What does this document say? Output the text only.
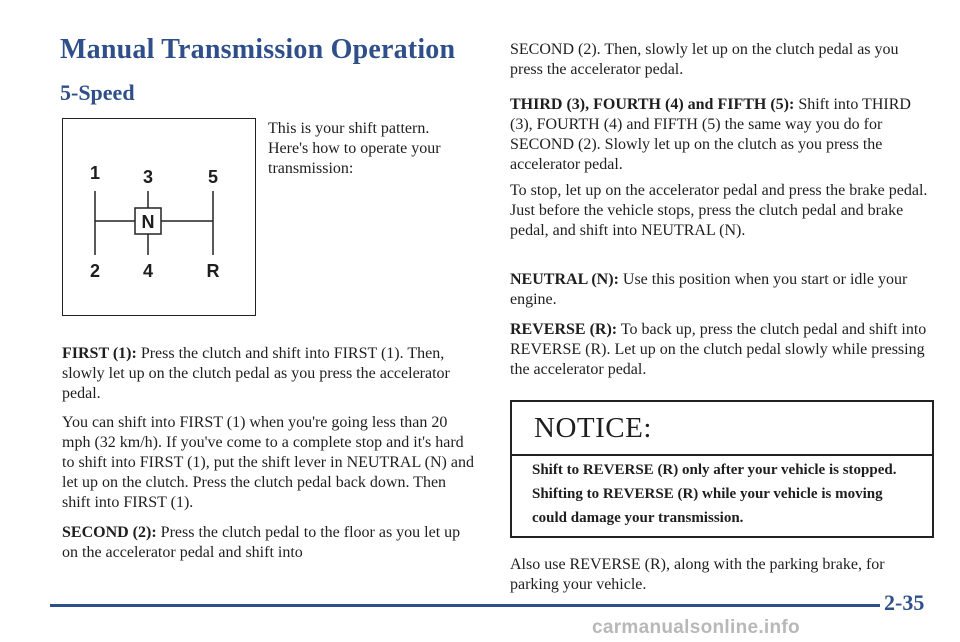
Manual Transmission Operation
5-Speed
1 3	5
N
2 4	R

This is your shift pattern. Here's how to operate your transmission:

FIRST (1): Press the clutch and shift into FIRST (1). Then, slowly let up on the clutch pedal as you press the accelerator pedal.

You can shift into FIRST (1) when you're going less than 20 mph (32 km/h). If you've come to a complete stop and it's hard to shift into FIRST (1), put the shift lever in NEUTRAL (N) and let up on the clutch. Press the clutch pedal back down. Then shift into FIRST (1).

SECOND (2): Press the clutch pedal to the floor as you let up on the accelerator pedal and shift into

SECOND (2). Then, slowly let up on the clutch pedal as you press the accelerator pedal.

THIRD (3), FOURTH (4) and FIFTH (5): Shift into THIRD (3), FOURTH (4) and FIFTH (5) the same way you do for SECOND (2). Slowly let up on the clutch as you press the accelerator pedal.

To stop, let up on the accelerator pedal and press the brake pedal. Just before the vehicle stops, press the clutch pedal and brake pedal, and shift into NEUTRAL (N).

NEUTRAL (N): Use this position when you start or idle your engine.

REVERSE (R): To back up, press the clutch pedal and shift into REVERSE (R). Let up on the clutch pedal slowly while pressing the accelerator pedal.

NOTICE:
Shift to REVERSE (R) only after your vehicle is stopped. Shifting to REVERSE (R) while your vehicle is moving could damage your transmission.

Also use REVERSE (R), along with the parking brake, for parking your vehicle.

2-35
carmanualsonline.info
